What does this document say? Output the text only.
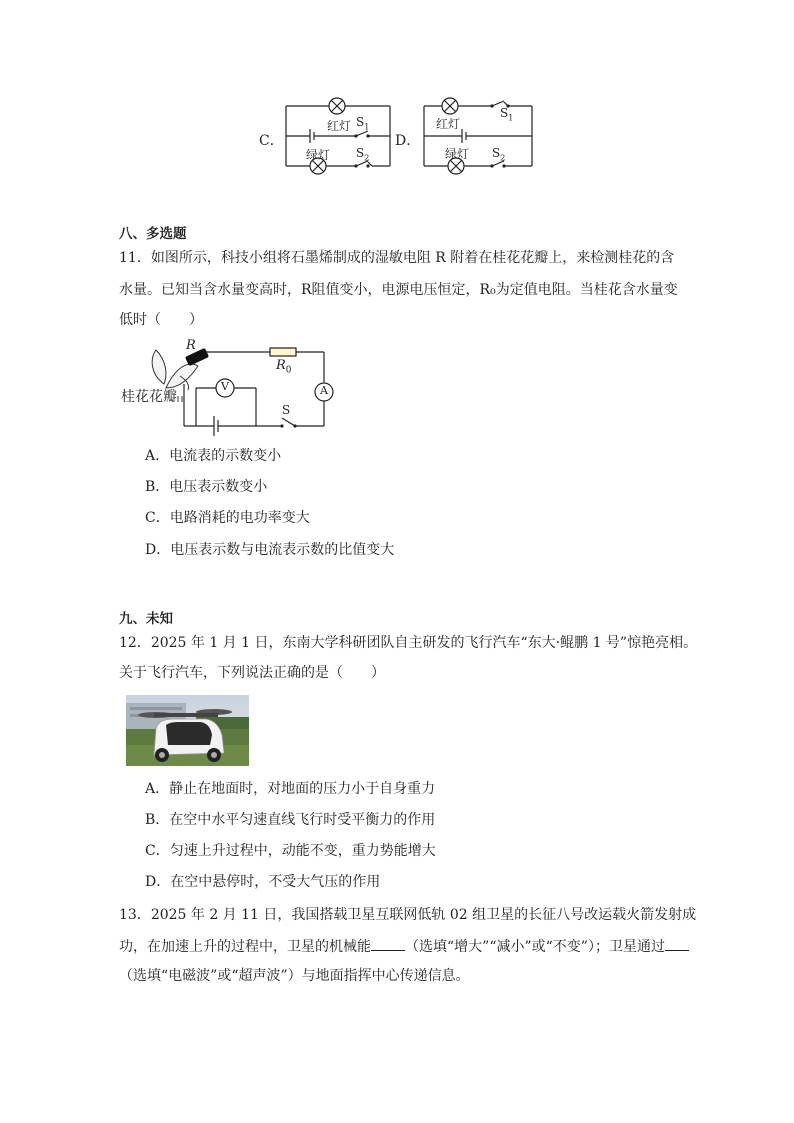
C．
红灯 $S_1$
绿灯 $S_2$
D．
$S_1$
红灯
绿灯 $S_2$
八、多选题
11．如图所示，科技小组将石墨烯制成的湿敏电阻 R 附着在桂花花瓣上，来检测桂花的含
水量。已知当含水量变高时，R阻值变小，电源电压恒定，R₀为定值电阻。当桂花含水量变
低时（　　）
R
$R_0$
桂花花瓣
V	A
S
A．电流表的示数变小
B．电压表示数变小
C．电路消耗的电功率变大
D．电压表示数与电流表示数的比值变大
九、未知
12．2025 年 1 月 1 日，东南大学科研团队自主研发的飞行汽车“东大·鲲鹏 1 号”惊艳亮相。
关于飞行汽车，下列说法正确的是（　　）
A．静止在地面时，对地面的压力小于自身重力
B．在空中水平匀速直线飞行时受平衡力的作用
C．匀速上升过程中，动能不变，重力势能增大
D．在空中悬停时，不受大气压的作用
13．2025 年 2 月 11 日，我国搭载卫星互联网低轨 02 组卫星的长征八号改运载火箭发射成
功，在加速上升的过程中，卫星的机械能 （选填“增大”“减小”或“不变”）；卫星通过
（选填“电磁波”或“超声波”）与地面指挥中心传递信息。
